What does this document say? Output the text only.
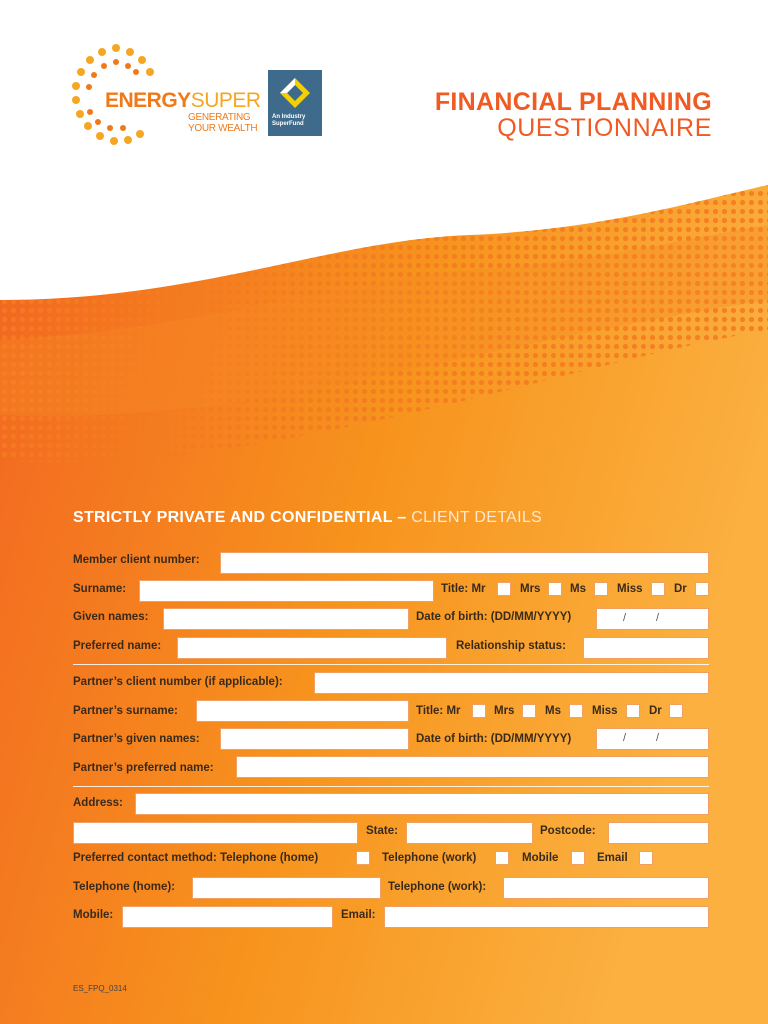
ENERGYSUPER
GENERATING
YOUR WEALTH
An Industry
SuperFund
FINANCIAL PLANNING
QUESTIONNAIRE
STRICTLY PRIVATE AND CONFIDENTIAL – CLIENT DETAILS
Member client number:
Surname:	Title: Mr	Mrs	Ms	Miss	Dr
Given names:	Date of birth: (DD/MM/YYYY)	/	/
Preferred name:	Relationship status:
Partner’s client number (if applicable):
Partner’s surname:	Title: Mr	Mrs	Ms	Miss	Dr
Partner’s given names:	Date of birth: (DD/MM/YYYY)	/	/
Partner’s preferred name:
Address:
State:	Postcode:
Preferred contact method: Telephone (home)	Telephone (work)	Mobile	Email
Telephone (home):	Telephone (work):
Mobile:	Email:
ES_FPQ_0314
